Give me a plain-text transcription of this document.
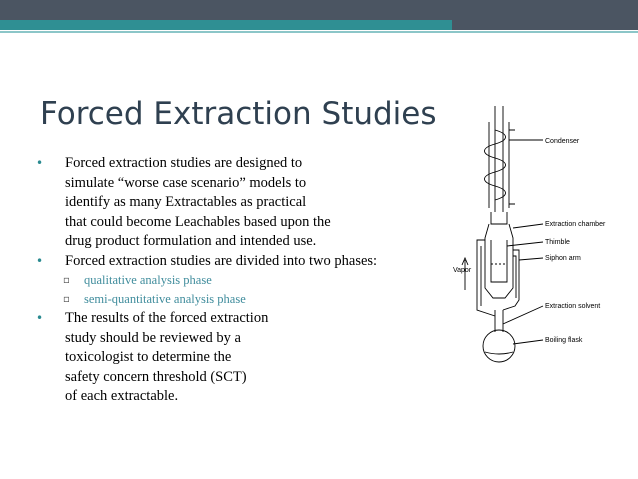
Forced Extraction Studies
• Forced extraction studies are designed to
simulate “worse case scenario” models to
identify as many Extractables as practical
that could become Leachables based upon the
drug product formulation and intended use.
• Forced extraction studies are divided into two phases:
▫ qualitative analysis phase
▫ semi-quantitative analysis phase
• The results of the forced extraction
study should be reviewed by a
toxicologist to determine the
safety concern threshold (SCT)
of each extractable.
Condenser
Extraction chamber
Thimble
Siphon arm
Vapor
Extraction solvent
Boiling flask
